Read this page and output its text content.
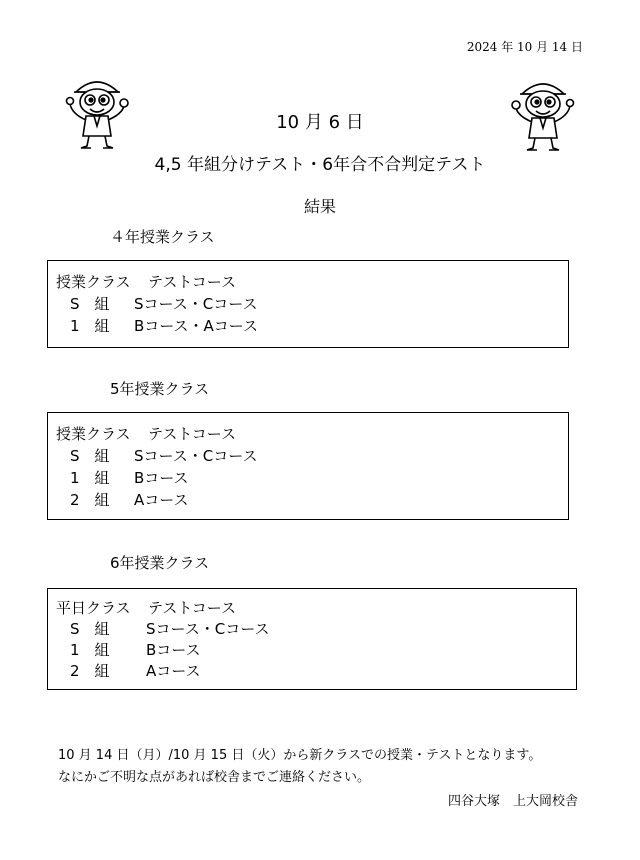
2024 年 10 月 14 日
10 月 6 日
4,5 年組分けテスト・6年合不合判定テスト
結果
４年授業クラス
授業クラス テストコース
S　組 Sコース・Cコース
1　組 Bコース・Aコース
5年授業クラス
授業クラス テストコース
S　組 Sコース・Cコース
1　組 Bコース
2　組 Aコース
6年授業クラス
平日クラス テストコース
S　組 Sコース・Cコース
1　組 Bコース
2　組 Aコース
10 月 14 日（月）/10 月 15 日（火）から新クラスでの授業・テストとなります。
なにかご不明な点があれば校舎までご連絡ください。
四谷大塚　上大岡校舎
